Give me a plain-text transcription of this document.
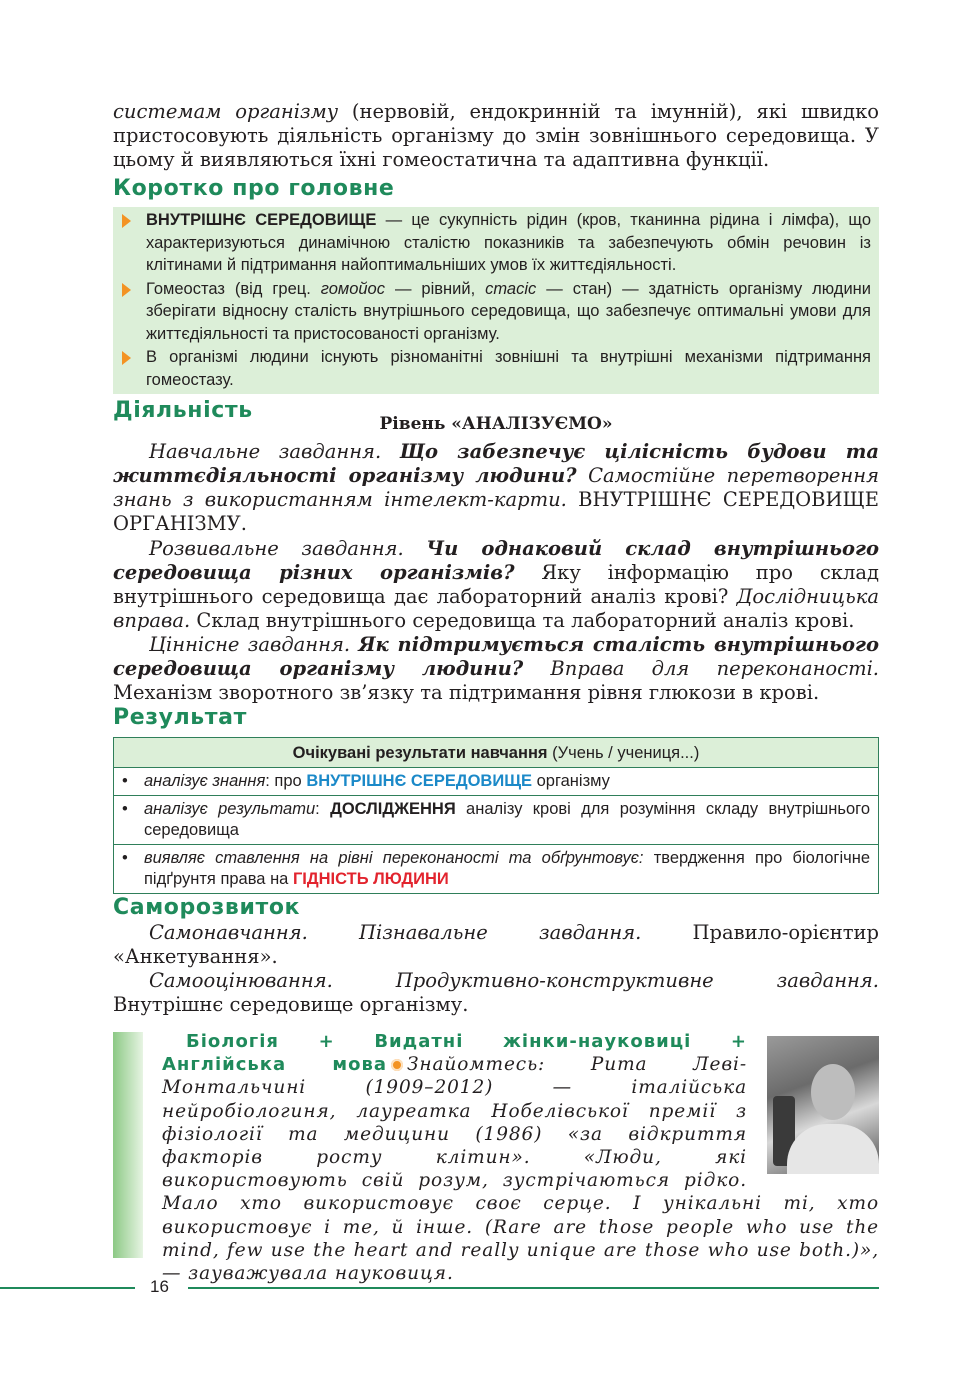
системам організму (нервовій, ендокринній та імунній), які швидко пристосовують діяльність організму до змін зовнішнього середовища. У цьому й виявляються їхні гомеостатична та адаптивна функції.
Коротко про головне
ВНУТРІШНЄ СЕРЕДОВИЩЕ — це сукупність рідин (кров, тканинна рідина і лімфа), що характеризуються динамічною сталістю показників та забезпечують обмін речовин із клітинами й підтримання найоптимальніших умов їх життєдіяльності.
Гомеостаз (від грец. гомойос — рівний, стасіс — стан) — здатність організму людини зберігати відносну сталість внутрішнього середовища, що забезпечує оптимальні умови для життєдіяльності та пристосованості організму.
В організмі людини існують різноманітні зовнішні та внутрішні механізми підтримання гомеостазу.
Діяльність
Рівень «АНАЛІЗУЄМО»
Навчальне завдання. Що забезпечує цілісність будови та життєдіяльності організму людини? Самостійне перетворення знань з використанням інтелект-карти. ВНУТРІШНЄ СЕРЕДОВИЩЕ ОРГАНІЗМУ.
Розвивальне завдання. Чи однаковий склад внутрішнього середовища різних організмів? Яку інформацію про склад внутрішнього середовища дає лабораторний аналіз крові? Дослідницька вправа. Склад внутрішнього середовища та лабораторний аналіз крові.
Ціннісне завдання. Як підтримується сталість внутрішнього середовища організму людини? Вправа для переконаності. Механізм зворотного зв’язку та підтримання рівня глюкози в крові.
Результат
Очікувані результати навчання (Учень / учениця...)
• аналізує знання: про ВНУТРІШНЄ СЕРЕДОВИЩЕ організму
• аналізує результати: ДОСЛІДЖЕННЯ аналізу крові для розуміння складу внутрішнього середовища
• виявляє ставлення на рівні переконаності та обґрунтовує: твердження про біологічне підґрунтя права на ГІДНІСТЬ ЛЮДИНИ
Саморозвиток
Самонавчання. Пізнавальне завдання. Правило-орієнтир «Анкетування».
Самооцінювання. Продуктивно-конструктивне завдання. Внутрішнє середовище організму.
Біологія + Видатні жінки-науковиці + Англійська мова Знайомтесь: Рита Леві-Монтальчині (1909–2012) — італійська нейробіологиня, лауреатка Нобелівської премії з фізіології та медицини (1986) «за відкриття факторів росту клітин». «Люди, які використовують свій розум, зустрічаються рідко. Мало хто використовує своє серце. І унікальні ті, хто використовує і те, й інше. (Rare are those people who use the mind, few use the heart and really unique are those who use both.)», — зауважувала науковиця.
16
